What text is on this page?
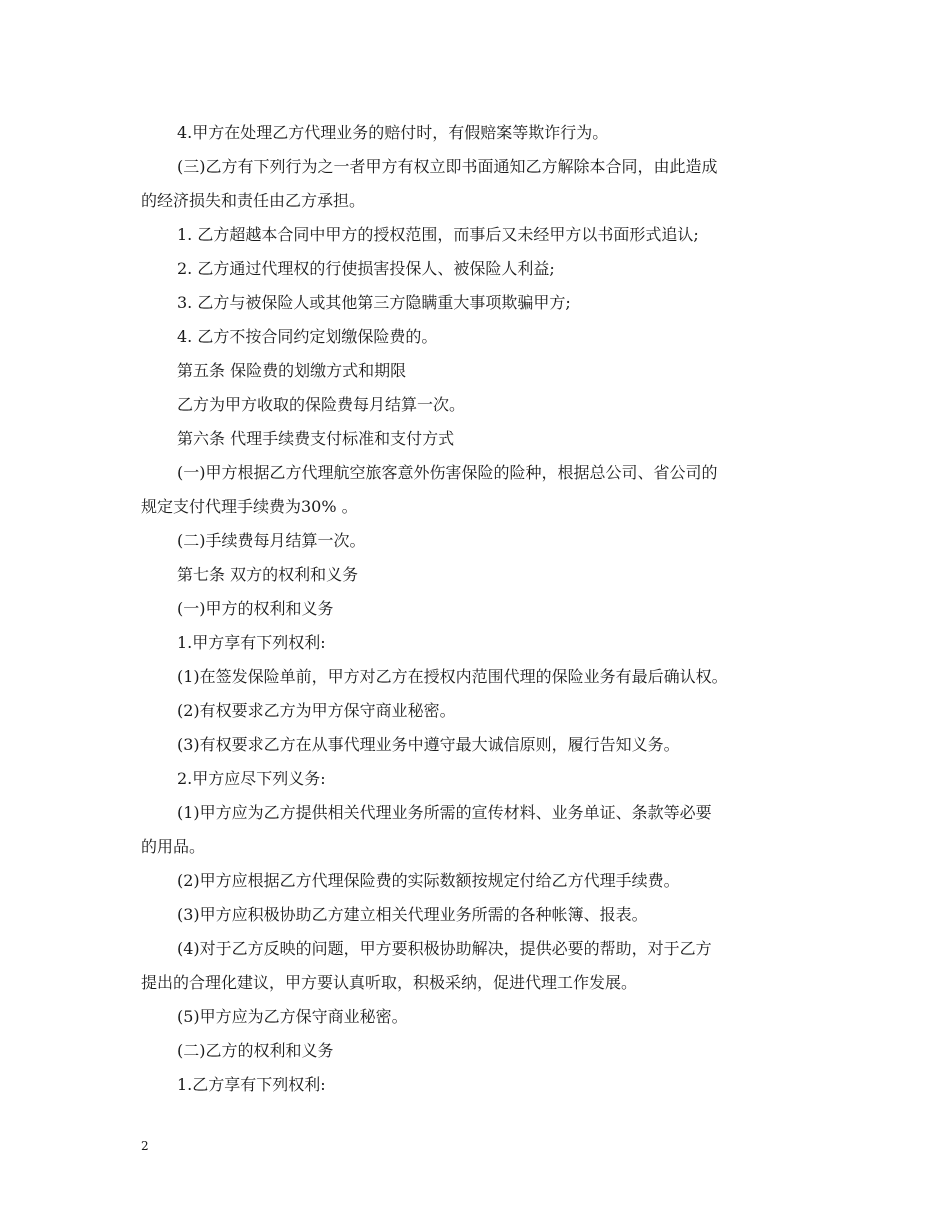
4.甲方在处理乙方代理业务的赔付时，有假赔案等欺诈行为。
(三)乙方有下列行为之一者甲方有权立即书面通知乙方解除本合同，由此造成
的经济损失和责任由乙方承担。
1. 乙方超越本合同中甲方的授权范围，而事后又未经甲方以书面形式追认;
2. 乙方通过代理权的行使损害投保人、被保险人利益;
3. 乙方与被保险人或其他第三方隐瞒重大事项欺骗甲方;
4. 乙方不按合同约定划缴保险费的。
第五条 保险费的划缴方式和期限
乙方为甲方收取的保险费每月结算一次。
第六条 代理手续费支付标准和支付方式
(一)甲方根据乙方代理航空旅客意外伤害保险的险种，根据总公司、省公司的
规定支付代理手续费为30% 。
(二)手续费每月结算一次。
第七条 双方的权利和义务
(一)甲方的权利和义务
1.甲方享有下列权利:
(1)在签发保险单前，甲方对乙方在授权内范围代理的保险业务有最后确认权。
(2)有权要求乙方为甲方保守商业秘密。
(3)有权要求乙方在从事代理业务中遵守最大诚信原则，履行告知义务。
2.甲方应尽下列义务:
(1)甲方应为乙方提供相关代理业务所需的宣传材料、业务单证、条款等必要
的用品。
(2)甲方应根据乙方代理保险费的实际数额按规定付给乙方代理手续费。
(3)甲方应积极协助乙方建立相关代理业务所需的各种帐簿、报表。
(4)对于乙方反映的问题，甲方要积极协助解决，提供必要的帮助，对于乙方
提出的合理化建议，甲方要认真听取，积极采纳，促进代理工作发展。
(5)甲方应为乙方保守商业秘密。
(二)乙方的权利和义务
1.乙方享有下列权利:
2
